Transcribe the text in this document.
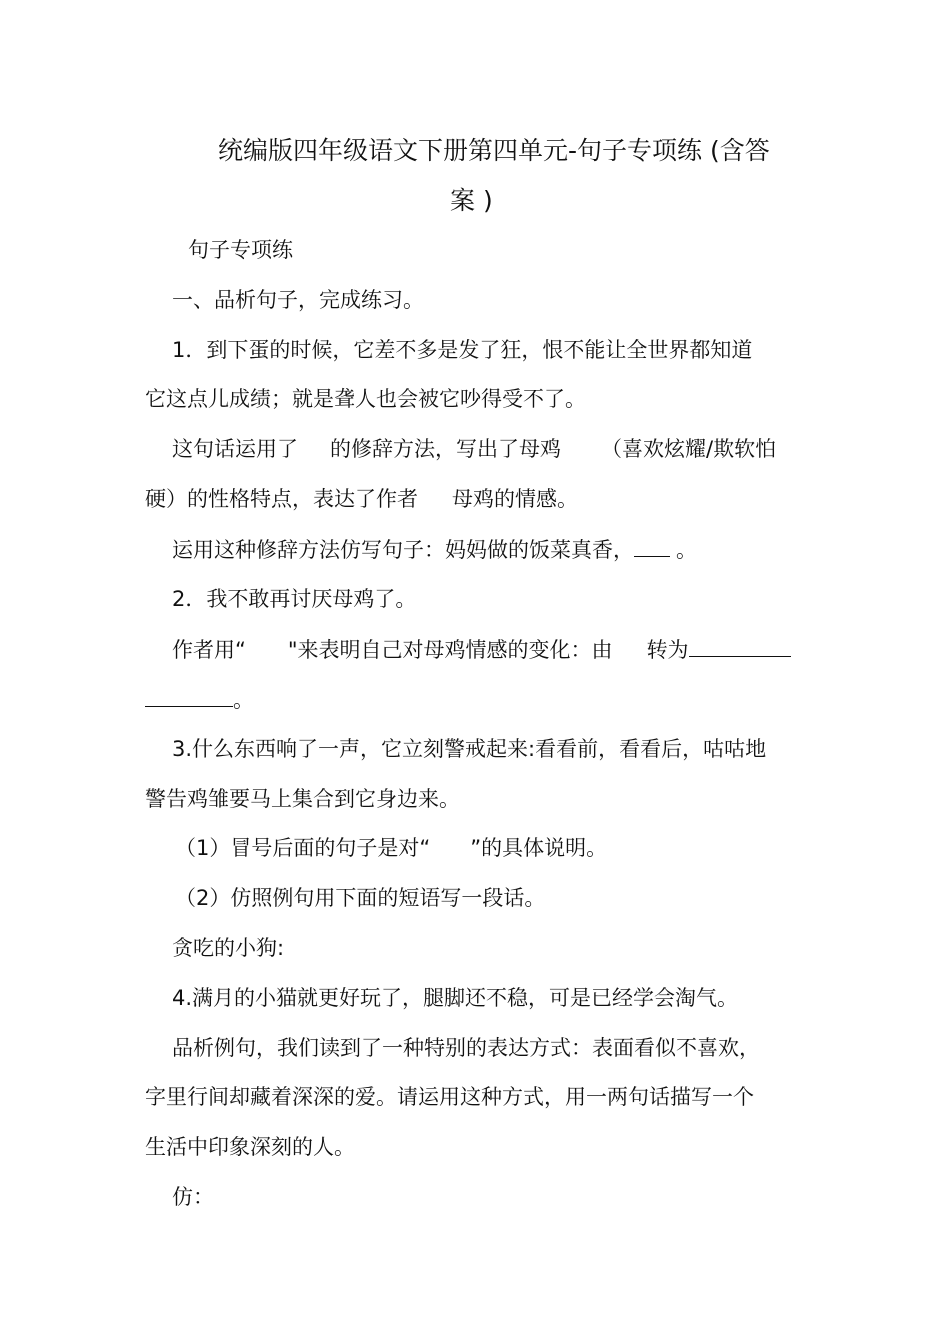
统编版四年级语文下册第四单元-句子专项练 (含答
案 )
句子专项练
一、品析句子，完成练习。
1．到下蛋的时候，它差不多是发了狂，恨不能让全世界都知道
它这点儿成绩；就是聋人也会被它吵得受不了。
这句话运用了 的修辞方法，写出了母鸡 （喜欢炫耀/欺软怕
硬）的性格特点，表达了作者 母鸡的情感。
运用这种修辞方法仿写句子：妈妈做的饭菜真香， 。
2．我不敢再讨厌母鸡了。
作者用“ "来表明自己对母鸡情感的变化：由 转为
。
3.什么东西响了一声，它立刻警戒起来:看看前，看看后，咕咕地
警告鸡雏要马上集合到它身边来。
（1）冒号后面的句子是对“ ”的具体说明。
（2）仿照例句用下面的短语写一段话。
贪吃的小狗:
4.满月的小猫就更好玩了，腿脚还不稳，可是已经学会淘气。
品析例句，我们读到了一种特别的表达方式：表面看似不喜欢，
字里行间却藏着深深的爱。请运用这种方式，用一两句话描写一个
生活中印象深刻的人。
仿：
